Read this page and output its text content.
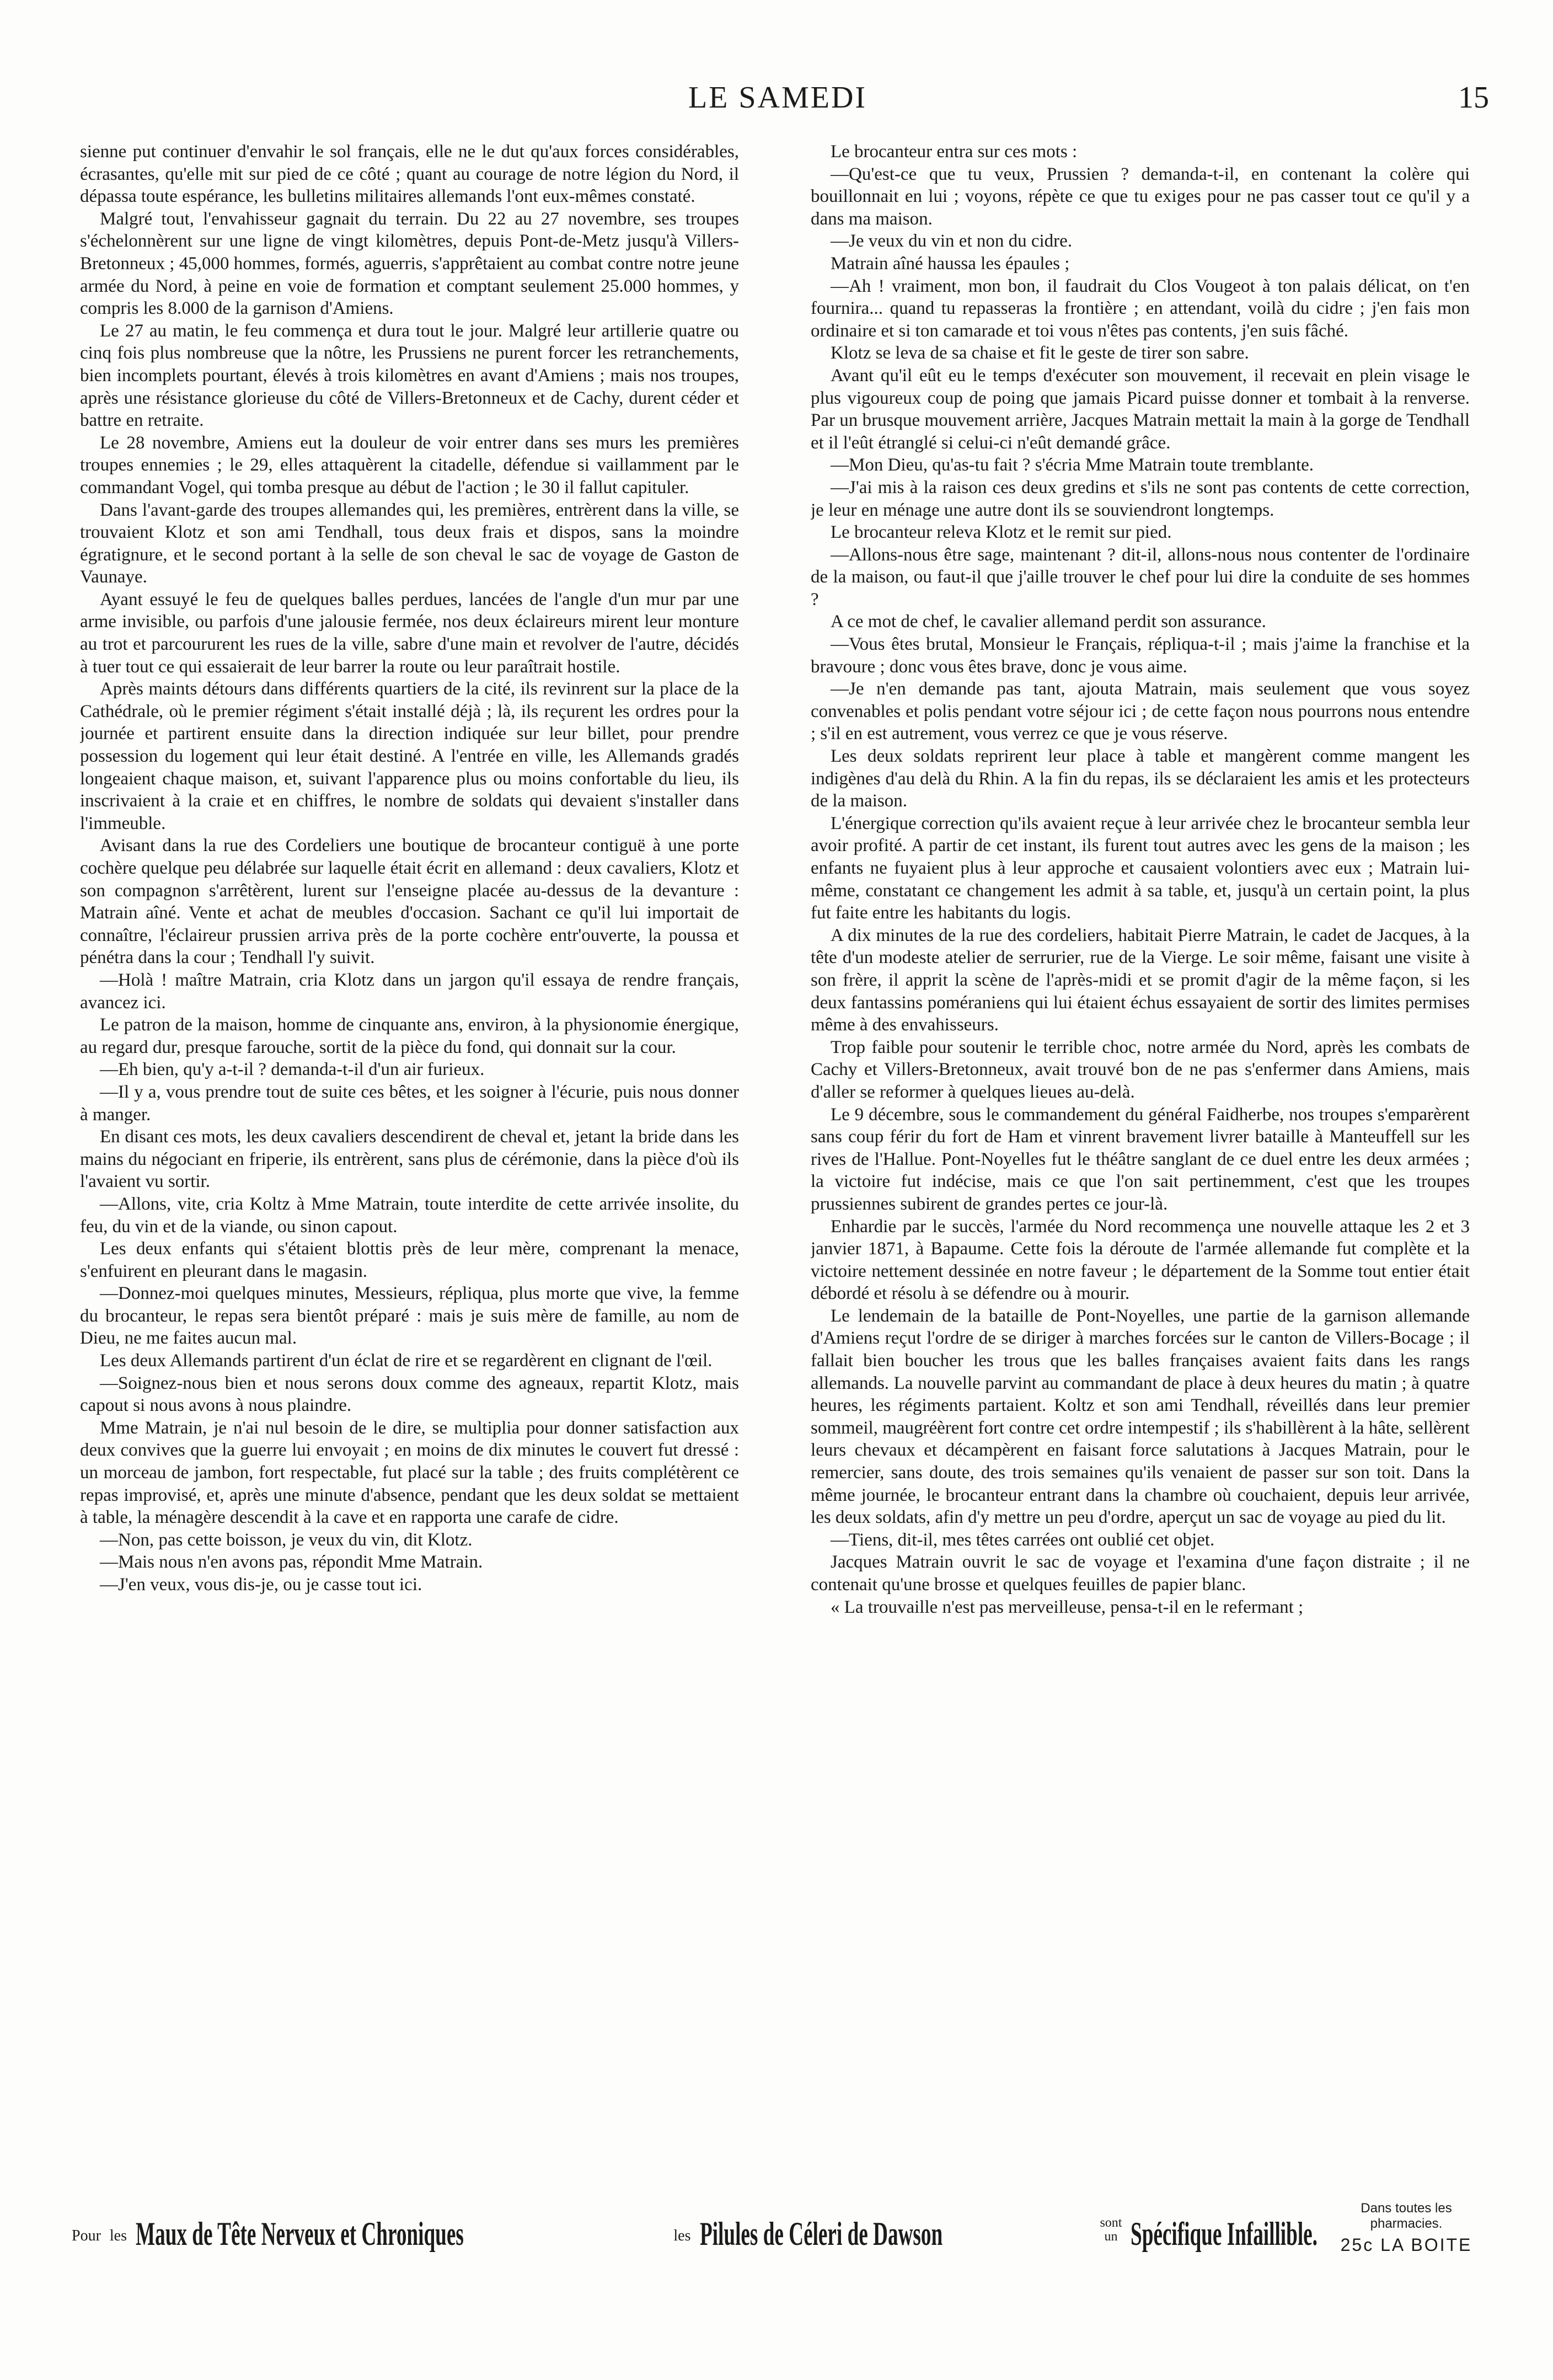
LE SAMEDI	15

sienne put continuer d'envahir le sol français, elle ne le dut qu'aux forces considérables, écrasantes, qu'elle mit sur pied de ce côté ; quant au courage de notre légion du Nord, il dépassa toute espérance, les bulletins militaires allemands l'ont eux-mêmes constaté.

Malgré tout, l'envahisseur gagnait du terrain. Du 22 au 27 novembre, ses troupes s'échelonnèrent sur une ligne de vingt kilomètres, depuis Pont-de-Metz jusqu'à Villers-Bretonneux ; 45,000 hommes, formés, aguerris, s'apprêtaient au combat contre notre jeune armée du Nord, à peine en voie de formation et comptant seulement 25.000 hommes, y compris les 8.000 de la garnison d'Amiens.

Le 27 au matin, le feu commença et dura tout le jour. Malgré leur artillerie quatre ou cinq fois plus nombreuse que la nôtre, les Prussiens ne purent forcer les retranchements, bien incomplets pourtant, élevés à trois kilomètres en avant d'Amiens ; mais nos troupes, après une résistance glorieuse du côté de Villers-Bretonneux et de Cachy, durent céder et battre en retraite.

Le 28 novembre, Amiens eut la douleur de voir entrer dans ses murs les premières troupes ennemies ; le 29, elles attaquèrent la citadelle, défendue si vaillamment par le commandant Vogel, qui tomba presque au début de l'action ; le 30 il fallut capituler.

Dans l'avant-garde des troupes allemandes qui, les premières, entrèrent dans la ville, se trouvaient Klotz et son ami Tendhall, tous deux frais et dispos, sans la moindre égratignure, et le second portant à la selle de son cheval le sac de voyage de Gaston de Vaunaye.

Ayant essuyé le feu de quelques balles perdues, lancées de l'angle d'un mur par une arme invisible, ou parfois d'une jalousie fermée, nos deux éclaireurs mirent leur monture au trot et parcoururent les rues de la ville, sabre d'une main et revolver de l'autre, décidés à tuer tout ce qui essaierait de leur barrer la route ou leur paraîtrait hostile.

Après maints détours dans différents quartiers de la cité, ils revinrent sur la place de la Cathédrale, où le premier régiment s'était installé déjà ; là, ils reçurent les ordres pour la journée et partirent ensuite dans la direction indiquée sur leur billet, pour prendre possession du logement qui leur était destiné. A l'entrée en ville, les Allemands gradés longeaient chaque maison, et, suivant l'apparence plus ou moins confortable du lieu, ils inscrivaient à la craie et en chiffres, le nombre de soldats qui devaient s'installer dans l'immeuble.

Avisant dans la rue des Cordeliers une boutique de brocanteur contiguë à une porte cochère quelque peu délabrée sur laquelle était écrit en allemand : deux cavaliers, Klotz et son compagnon s'arrêtèrent, lurent sur l'enseigne placée au-dessus de la devanture : Matrain aîné. Vente et achat de meubles d'occasion. Sachant ce qu'il lui importait de connaître, l'éclaireur prussien arriva près de la porte cochère entr'ouverte, la poussa et pénétra dans la cour ; Tendhall l'y suivit.

—Holà ! maître Matrain, cria Klotz dans un jargon qu'il essaya de rendre français, avancez ici.

Le patron de la maison, homme de cinquante ans, environ, à la physionomie énergique, au regard dur, presque farouche, sortit de la pièce du fond, qui donnait sur la cour.

—Eh bien, qu'y a-t-il ? demanda-t-il d'un air furieux.

—Il y a, vous prendre tout de suite ces bêtes, et les soigner à l'écurie, puis nous donner à manger.

En disant ces mots, les deux cavaliers descendirent de cheval et, jetant la bride dans les mains du négociant en friperie, ils entrèrent, sans plus de cérémonie, dans la pièce d'où ils l'avaient vu sortir.

—Allons, vite, cria Koltz à Mme Matrain, toute interdite de cette arrivée insolite, du feu, du vin et de la viande, ou sinon capout.

Les deux enfants qui s'étaient blottis près de leur mère, comprenant la menace, s'enfuirent en pleurant dans le magasin.

—Donnez-moi quelques minutes, Messieurs, répliqua, plus morte que vive, la femme du brocanteur, le repas sera bientôt préparé : mais je suis mère de famille, au nom de Dieu, ne me faites aucun mal.

Les deux Allemands partirent d'un éclat de rire et se regardèrent en clignant de l'œil.

—Soignez-nous bien et nous serons doux comme des agneaux, repartit Klotz, mais capout si nous avons à nous plaindre.

Mme Matrain, je n'ai nul besoin de le dire, se multiplia pour donner satisfaction aux deux convives que la guerre lui envoyait ; en moins de dix minutes le couvert fut dressé : un morceau de jambon, fort respectable, fut placé sur la table ; des fruits complétèrent ce repas improvisé, et, après une minute d'absence, pendant que les deux soldat se mettaient à table, la ménagère descendit à la cave et en rapporta une carafe de cidre.

—Non, pas cette boisson, je veux du vin, dit Klotz.

—Mais nous n'en avons pas, répondit Mme Matrain.

—J'en veux, vous dis-je, ou je casse tout ici.

Le brocanteur entra sur ces mots :

—Qu'est-ce que tu veux, Prussien ? demanda-t-il, en contenant la colère qui bouillonnait en lui ; voyons, répète ce que tu exiges pour ne pas casser tout ce qu'il y a dans ma maison.

—Je veux du vin et non du cidre.

Matrain aîné haussa les épaules ;

—Ah ! vraiment, mon bon, il faudrait du Clos Vougeot à ton palais délicat, on t'en fournira... quand tu repasseras la frontière ; en attendant, voilà du cidre ; j'en fais mon ordinaire et si ton camarade et toi vous n'êtes pas contents, j'en suis fâché.

Klotz se leva de sa chaise et fit le geste de tirer son sabre.

Avant qu'il eût eu le temps d'exécuter son mouvement, il recevait en plein visage le plus vigoureux coup de poing que jamais Picard puisse donner et tombait à la renverse. Par un brusque mouvement arrière, Jacques Matrain mettait la main à la gorge de Tendhall et il l'eût étranglé si celui-ci n'eût demandé grâce.

—Mon Dieu, qu'as-tu fait ? s'écria Mme Matrain toute tremblante.

—J'ai mis à la raison ces deux gredins et s'ils ne sont pas contents de cette correction, je leur en ménage une autre dont ils se souviendront longtemps.

Le brocanteur releva Klotz et le remit sur pied.

—Allons-nous être sage, maintenant ? dit-il, allons-nous nous contenter de l'ordinaire de la maison, ou faut-il que j'aille trouver le chef pour lui dire la conduite de ses hommes ?

A ce mot de chef, le cavalier allemand perdit son assurance.

—Vous êtes brutal, Monsieur le Français, répliqua-t-il ; mais j'aime la franchise et la bravoure ; donc vous êtes brave, donc je vous aime.

—Je n'en demande pas tant, ajouta Matrain, mais seulement que vous soyez convenables et polis pendant votre séjour ici ; de cette façon nous pourrons nous entendre ; s'il en est autrement, vous verrez ce que je vous réserve.

Les deux soldats reprirent leur place à table et mangèrent comme mangent les indigènes d'au delà du Rhin. A la fin du repas, ils se déclaraient les amis et les protecteurs de la maison.

L'énergique correction qu'ils avaient reçue à leur arrivée chez le brocanteur sembla leur avoir profité. A partir de cet instant, ils furent tout autres avec les gens de la maison ; les enfants ne fuyaient plus à leur approche et causaient volontiers avec eux ; Matrain lui-même, constatant ce changement les admit à sa table, et, jusqu'à un certain point, la plus fut faite entre les habitants du logis.

A dix minutes de la rue des cordeliers, habitait Pierre Matrain, le cadet de Jacques, à la tête d'un modeste atelier de serrurier, rue de la Vierge. Le soir même, faisant une visite à son frère, il apprit la scène de l'après-midi et se promit d'agir de la même façon, si les deux fantassins poméraniens qui lui étaient échus essayaient de sortir des limites permises même à des envahisseurs.

Trop faible pour soutenir le terrible choc, notre armée du Nord, après les combats de Cachy et Villers-Bretonneux, avait trouvé bon de ne pas s'enfermer dans Amiens, mais d'aller se reformer à quelques lieues au-delà.

Le 9 décembre, sous le commandement du général Faidherbe, nos troupes s'emparèrent sans coup férir du fort de Ham et vinrent bravement livrer bataille à Manteuffell sur les rives de l'Hallue. Pont-Noyelles fut le théâtre sanglant de ce duel entre les deux armées ; la victoire fut indécise, mais ce que l'on sait pertinemment, c'est que les troupes prussiennes subirent de grandes pertes ce jour-là.

Enhardie par le succès, l'armée du Nord recommença une nouvelle attaque les 2 et 3 janvier 1871, à Bapaume. Cette fois la déroute de l'armée allemande fut complète et la victoire nettement dessinée en notre faveur ; le département de la Somme tout entier était débordé et résolu à se défendre ou à mourir.

Le lendemain de la bataille de Pont-Noyelles, une partie de la garnison allemande d'Amiens reçut l'ordre de se diriger à marches forcées sur le canton de Villers-Bocage ; il fallait bien boucher les trous que les balles françaises avaient faits dans les rangs allemands. La nouvelle parvint au commandant de place à deux heures du matin ; à quatre heures, les régiments partaient. Koltz et son ami Tendhall, réveillés dans leur premier sommeil, maugréèrent fort contre cet ordre intempestif ; ils s'habillèrent à la hâte, sellèrent leurs chevaux et décampèrent en faisant force salutations à Jacques Matrain, pour le remercier, sans doute, des trois semaines qu'ils venaient de passer sur son toit. Dans la même journée, le brocanteur entrant dans la chambre où couchaient, depuis leur arrivée, les deux soldats, afin d'y mettre un peu d'ordre, aperçut un sac de voyage au pied du lit.

—Tiens, dit-il, mes têtes carrées ont oublié cet objet.

Jacques Matrain ouvrit le sac de voyage et l'examina d'une façon distraite ; il ne contenait qu'une brosse et quelques feuilles de papier blanc.

« La trouvaille n'est pas merveilleuse, pensa-t-il en le refermant ;

Pour les Maux de Tête Nerveux et Chroniques	les Pilules de Céleri de Dawson	sont
un Spécifique Infaillible.
Dans toutes les pharmacies.
25c LA BOITE
